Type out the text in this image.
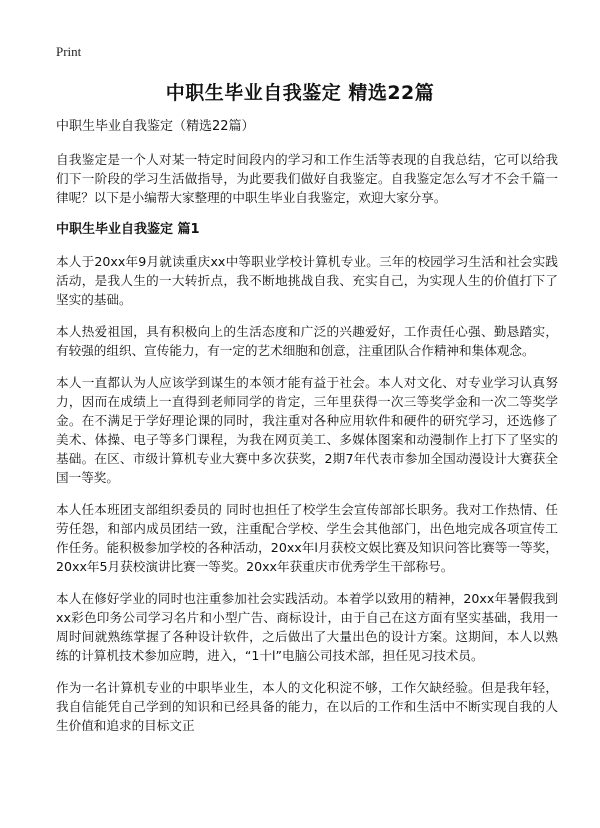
Print
中职生毕业自我鉴定 精选22篇
中职生毕业自我鉴定（精选22篇）

自我鉴定是一个人对某一特定时间段内的学习和工作生活等表现的自我总结，它可以给我们下一阶段的学习生活做指导，为此要我们做好自我鉴定。自我鉴定怎么写才不会千篇一律呢？以下是小编帮大家整理的中职生毕业自我鉴定，欢迎大家分享。

中职生毕业自我鉴定 篇1

本人于20xx年9月就读重庆xx中等职业学校计算机专业。三年的校园学习生活和社会实践活动，是我人生的一大转折点，我不断地挑战自我、充实自己，为实现人生的价值打下了坚实的基础。

本人热爱祖国，具有积极向上的生活态度和广泛的兴趣爱好，工作责任心强、勤恳踏实，有较强的组织、宣传能力，有一定的艺术细胞和创意，注重团队合作精神和集体观念。

本人一直都认为人应该学到谋生的本领才能有益于社会。本人对文化、对专业学习认真努力，因而在成绩上一直得到老师同学的肯定，三年里获得一次三等奖学金和一次二等奖学金。在不满足于学好理论课的同时，我注重对各种应用软件和硬件的研究学习，还选修了美术、体操、电子等多门课程，为我在网页美工、多媒体图案和动漫制作上打下了坚实的基础。在区、市级计算机专业大赛中多次获奖，2期7年代表市参加全国动漫设计大赛获全国一等奖。

本人任本班团支部组织委员的 同时也担任了校学生会宣传部部长职务。我对工作热情、任劳任怨，和部内成员团结一致，注重配合学校、学生会其他部门，出色地完成各项宣传工作任务。能积极参加学校的各种活动，20xx年l月获校文娱比赛及知识问答比赛等一等奖，20xx年5月获校演讲比赛一等奖。20xx年获重庆市优秀学生干部称号。

本人在修好学业的同时也注重参加社会实践活动。本着学以致用的精神，20xx年暑假我到xx彩色印务公司学习名片和小型广告、商标设计，由于自己在这方面有坚实基础，我用一周时间就熟练掌握了各种设计软件，之后做出了大量出色的设计方案。这期间，本人以熟练的计算机技术参加应聘，进入，“1十l”电脑公司技术部，担任见习技术员。

作为一名计算机专业的中职毕业生，本人的文化积淀不够，工作欠缺经验。但是我年轻，我自信能凭自己学到的知识和已经具备的能力，在以后的工作和生活中不断实现自我的人生价值和追求的目标文正
